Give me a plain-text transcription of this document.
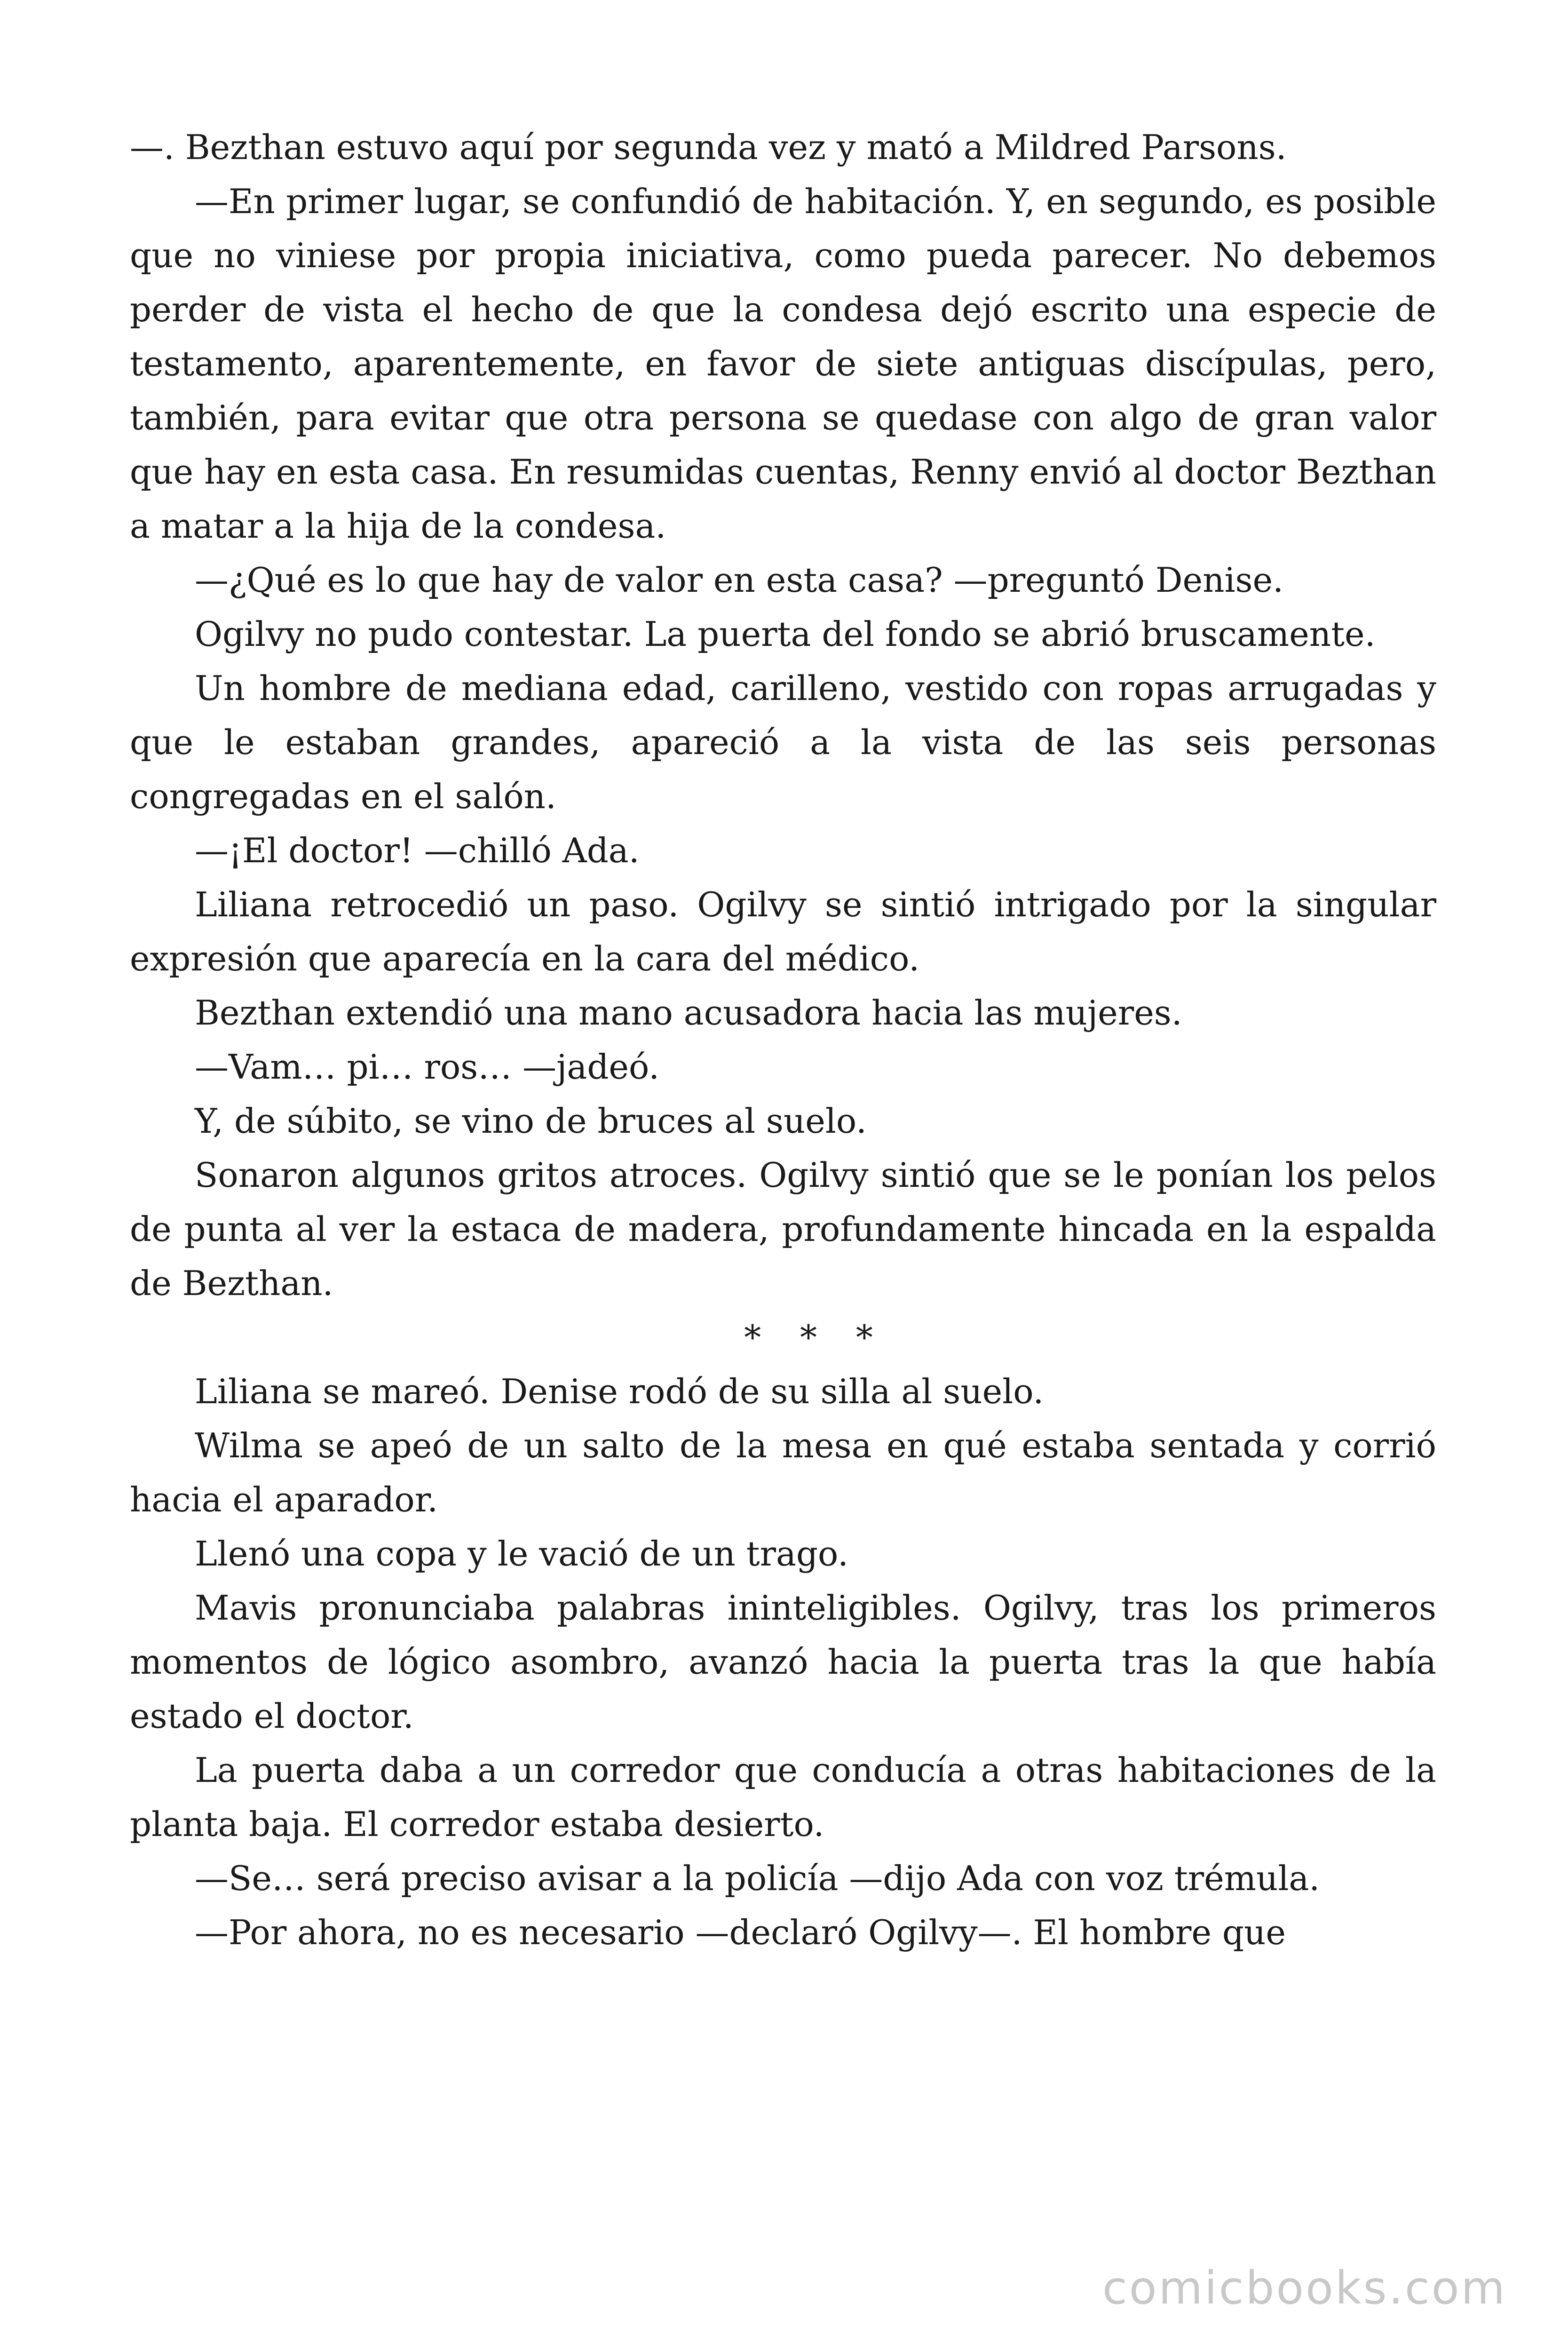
—. Bezthan estuvo aquí por segunda vez y mató a Mildred Parsons.

—En primer lugar, se confundió de habitación. Y, en segundo, es posible que no viniese por propia iniciativa, como pueda parecer. No debemos perder de vista el hecho de que la condesa dejó escrito una especie de testamento, aparentemente, en favor de siete antiguas discípulas, pero, también, para evitar que otra persona se quedase con algo de gran valor que hay en esta casa. En resumidas cuentas, Renny envió al doctor Bezthan a matar a la hija de la condesa.

—¿Qué es lo que hay de valor en esta casa? —preguntó Denise.

Ogilvy no pudo contestar. La puerta del fondo se abrió bruscamente.

Un hombre de mediana edad, carilleno, vestido con ropas arrugadas y que le estaban grandes, apareció a la vista de las seis personas congregadas en el salón.

—¡El doctor! —chilló Ada.

Liliana retrocedió un paso. Ogilvy se sintió intrigado por la singular expresión que aparecía en la cara del médico.

Bezthan extendió una mano acusadora hacia las mujeres.

—Vam… pi… ros… —jadeó.

Y, de súbito, se vino de bruces al suelo.

Sonaron algunos gritos atroces. Ogilvy sintió que se le ponían los pelos de punta al ver la estaca de madera, profundamente hincada en la espalda de Bezthan.

* * *

Liliana se mareó. Denise rodó de su silla al suelo.

Wilma se apeó de un salto de la mesa en qué estaba sentada y corrió hacia el aparador.

Llenó una copa y le vació de un trago.

Mavis pronunciaba palabras ininteligibles. Ogilvy, tras los primeros momentos de lógico asombro, avanzó hacia la puerta tras la que había estado el doctor.

La puerta daba a un corredor que conducía a otras habitaciones de la planta baja. El corredor estaba desierto.

—Se… será preciso avisar a la policía —dijo Ada con voz trémula.

—Por ahora, no es necesario —declaró Ogilvy—. El hombre que

comicbooks.com
